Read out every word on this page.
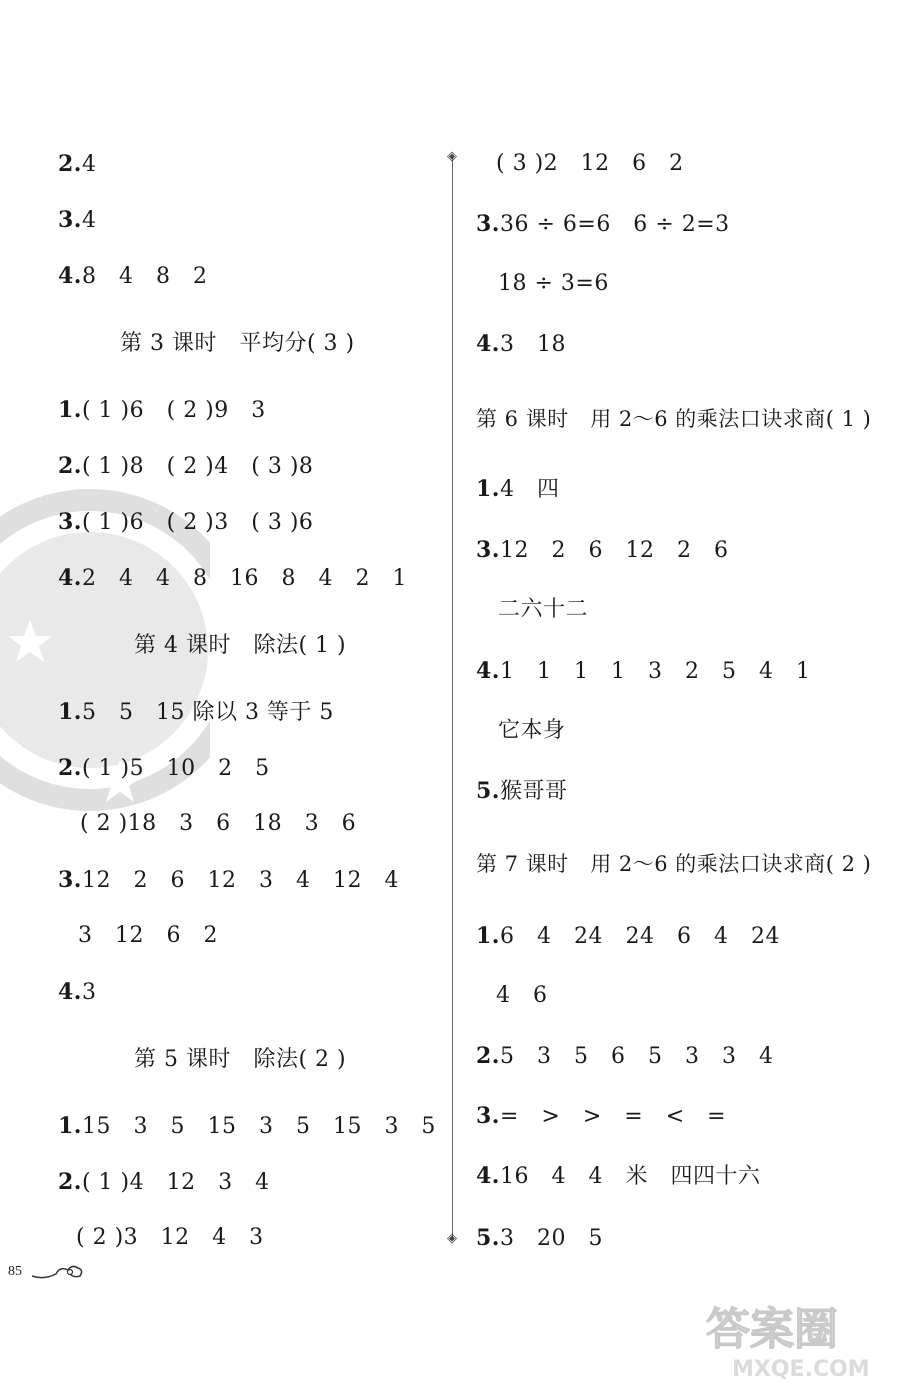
◈
◈
2.4
3.4
4.8　4　8　2
第 3 课时　平均分( 3 )
1.( 1 )6　( 2 )9　3
2.( 1 )8　( 2 )4　( 3 )8
3.( 1 )6　( 2 )3　( 3 )6
4.2　4　4　8　16　8　4　2　1
第 4 课时　除法( 1 )
1.5　5　15 除以 3 等于 5
2.( 1 )5　10　2　5
( 2 )18　3　6　18　3　6
3.12　2　6　12　3　4　12　4
3　12　6　2
4.3
第 5 课时　除法( 2 )
1.15　3　5　15　3　5　15　3　5
2.( 1 )4　12　3　4
( 2 )3　12　4　3
( 3 )2　12　6　2
3.36 ÷ 6=6　6 ÷ 2=3
18 ÷ 3=6
4.3　18
第 6 课时　用 2～6 的乘法口诀求商( 1 )
1.4　四
3.12　2　6　12　2　6
二六十二
4.1　1　1　1　3　2　5　4　1
它本身
5.猴哥哥
第 7 课时　用 2～6 的乘法口诀求商( 2 )
1.6　4　24　24　6　4　24
4　6
2.5　3　5　6　5　3　3　4
3.=　>　>　=　<　=
4.16　4　4　米　四四十六
5.3　20　5
85
答案圈
MXQE.COM
